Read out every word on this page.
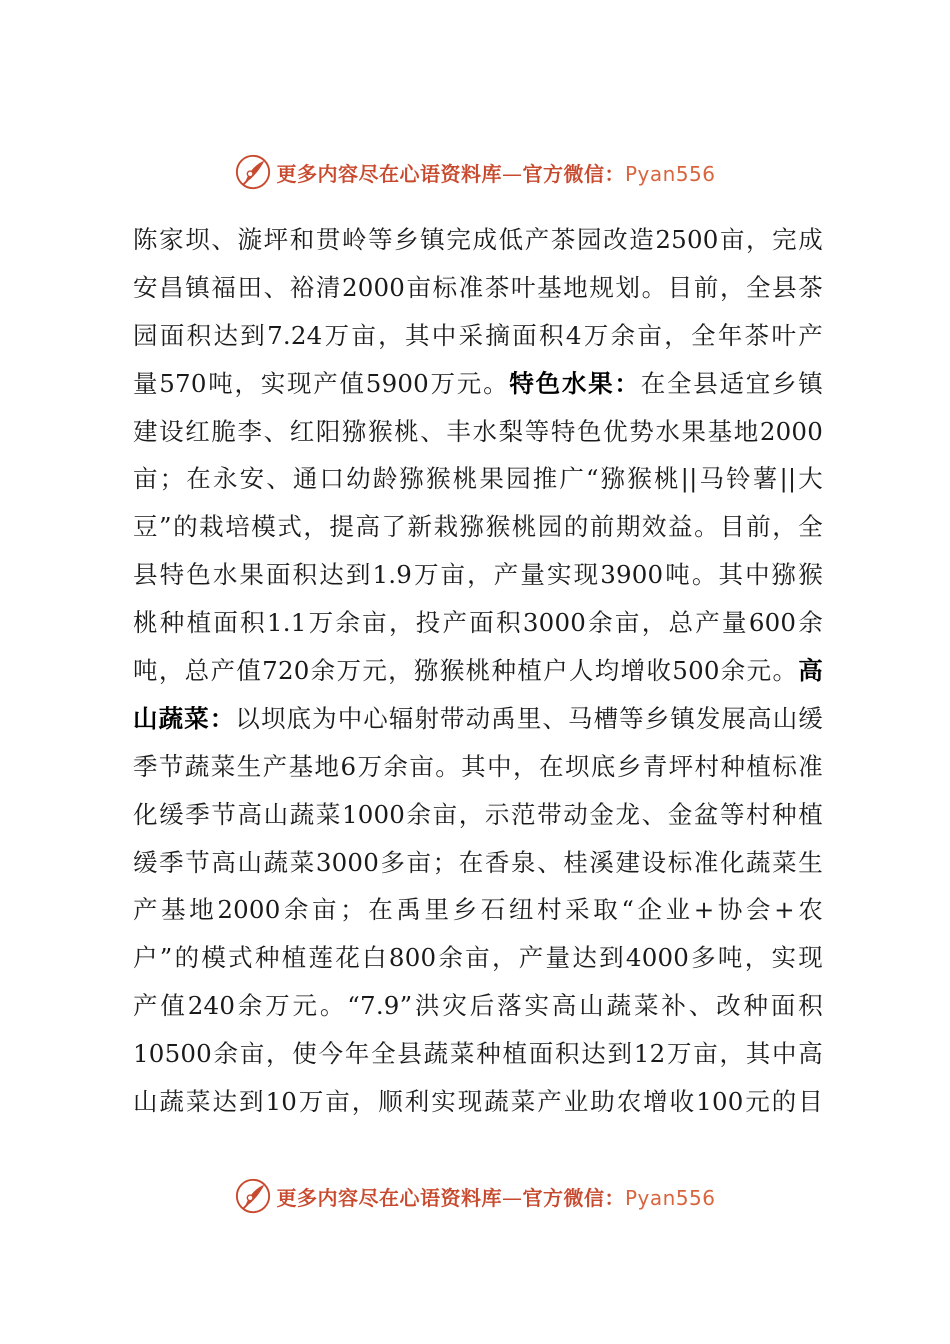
更多内容尽在心语资料库—官方微信：Pyan556
陈家坝、漩坪和贯岭等乡镇完成低产茶园改造2500亩，完成
安昌镇福田、裕清2000亩标准茶叶基地规划。目前，全县茶
园面积达到7.24万亩，其中采摘面积4万余亩，全年茶叶产
量570吨，实现产值5900万元。特色水果：在全县适宜乡镇
建设红脆李、红阳猕猴桃、丰水梨等特色优势水果基地2000
亩；在永安、通口幼龄猕猴桃果园推广“猕猴桃||马铃薯||大
豆”的栽培模式，提高了新栽猕猴桃园的前期效益。目前，全
县特色水果面积达到1.9万亩，产量实现3900吨。其中猕猴
桃种植面积1.1万余亩，投产面积3000余亩，总产量600余
吨，总产值720余万元，猕猴桃种植户人均增收500余元。高
山蔬菜：以坝底为中心辐射带动禹里、马槽等乡镇发展高山缓
季节蔬菜生产基地6万余亩。其中，在坝底乡青坪村种植标准
化缓季节高山蔬菜1000余亩，示范带动金龙、金盆等村种植
缓季节高山蔬菜3000多亩；在香泉、桂溪建设标准化蔬菜生
产基地2000余亩；在禹里乡石纽村采取“企业+协会+农
户”的模式种植莲花白800余亩，产量达到4000多吨，实现
产值240余万元。“7.9”洪灾后落实高山蔬菜补、改种面积
10500余亩，使今年全县蔬菜种植面积达到12万亩，其中高
山蔬菜达到10万亩，顺利实现蔬菜产业助农增收100元的目
更多内容尽在心语资料库—官方微信：Pyan556
